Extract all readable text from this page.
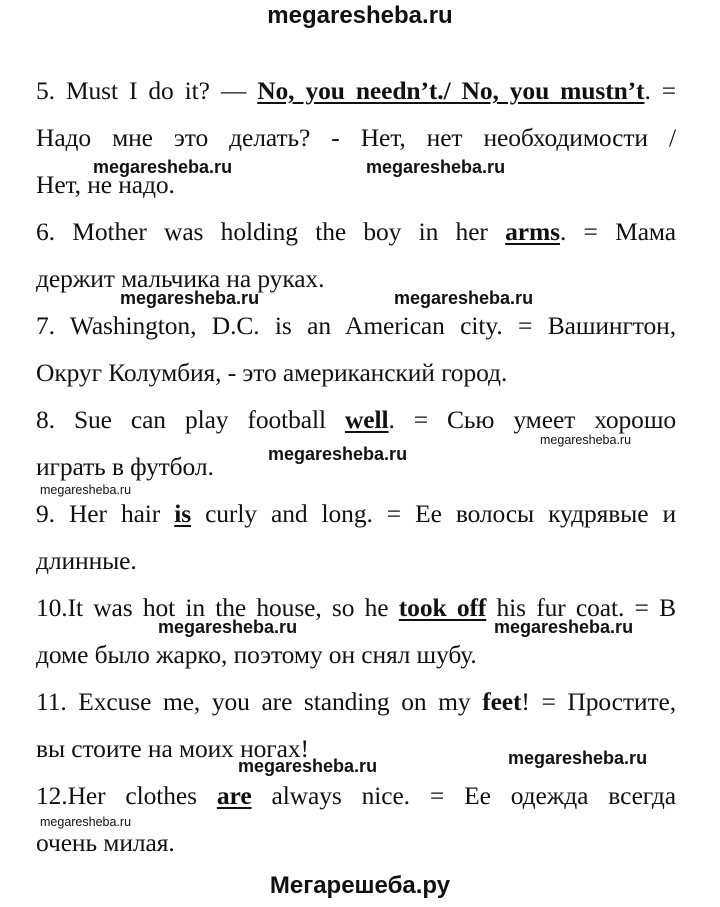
megaresheba.ru
5. Must I do it? — No, you needn’t./ No, you mustn’t. =
Надо мне это делать? - Нет, нет необходимости /
Нет, не надо.
6. Mother was holding the boy in her arms. = Мама
держит мальчика на руках.
7. Washington, D.C. is an American city. = Вашингтон,
Округ Колумбия, - это американский город.
8. Sue can play football well. = Сью умеет хорошо
играть в футбол.
9. Her hair is curly and long. = Ее волосы кудрявые и
длинные.
10.It was hot in the house, so he took off his fur coat. = В
доме было жарко, поэтому он снял шубу.
11. Excuse me, you are standing on my feet! = Простите,
вы стоите на моих ногах!
12.Her clothes are always nice. = Ее одежда всегда
очень милая.
megaresheba.ru	megaresheba.ru
megaresheba.ru	megaresheba.ru
megaresheba.ru
megaresheba.ru
megaresheba.ru
megaresheba.ru	megaresheba.ru
megaresheba.ru
megaresheba.ru
megaresheba.ru
Мегарешеба.ру
